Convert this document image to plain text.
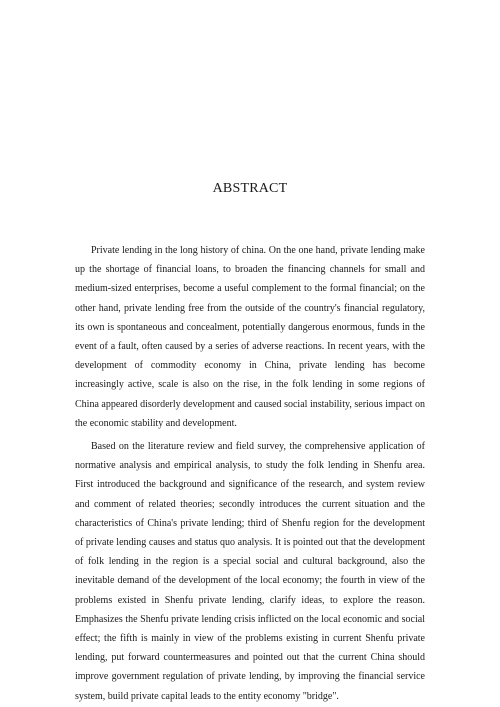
ABSTRACT

Private lending in the long history of china. On the one hand, private lending make up the shortage of financial loans, to broaden the financing channels for small and medium-sized enterprises, become a useful complement to the formal financial; on the other hand, private lending free from the outside of the country's financial regulatory, its own is spontaneous and concealment, potentially dangerous enormous, funds in the event of a fault, often caused by a series of adverse reactions. In recent years, with the development of commodity economy in China, private lending has become increasingly active, scale is also on the rise, in the folk lending in some regions of China appeared disorderly development and caused social instability, serious impact on the economic stability and development.

Based on the literature review and field survey, the comprehensive application of normative analysis and empirical analysis, to study the folk lending in Shenfu area. First introduced the background and significance of the research, and system review and comment of related theories; secondly introduces the current situation and the characteristics of China's private lending; third of Shenfu region for the development of private lending causes and status quo analysis. It is pointed out that the development of folk lending in the region is a special social and cultural background, also the inevitable demand of the development of the local economy; the fourth in view of the problems existed in Shenfu private lending, clarify ideas, to explore the reason. Emphasizes the Shenfu private lending crisis inflicted on the local economic and social effect; the fifth is mainly in view of the problems existing in current Shenfu private lending, put forward countermeasures and pointed out that the current China should improve government regulation of private lending, by improving the financial service system, build private capital leads to the entity economy "bridge".
